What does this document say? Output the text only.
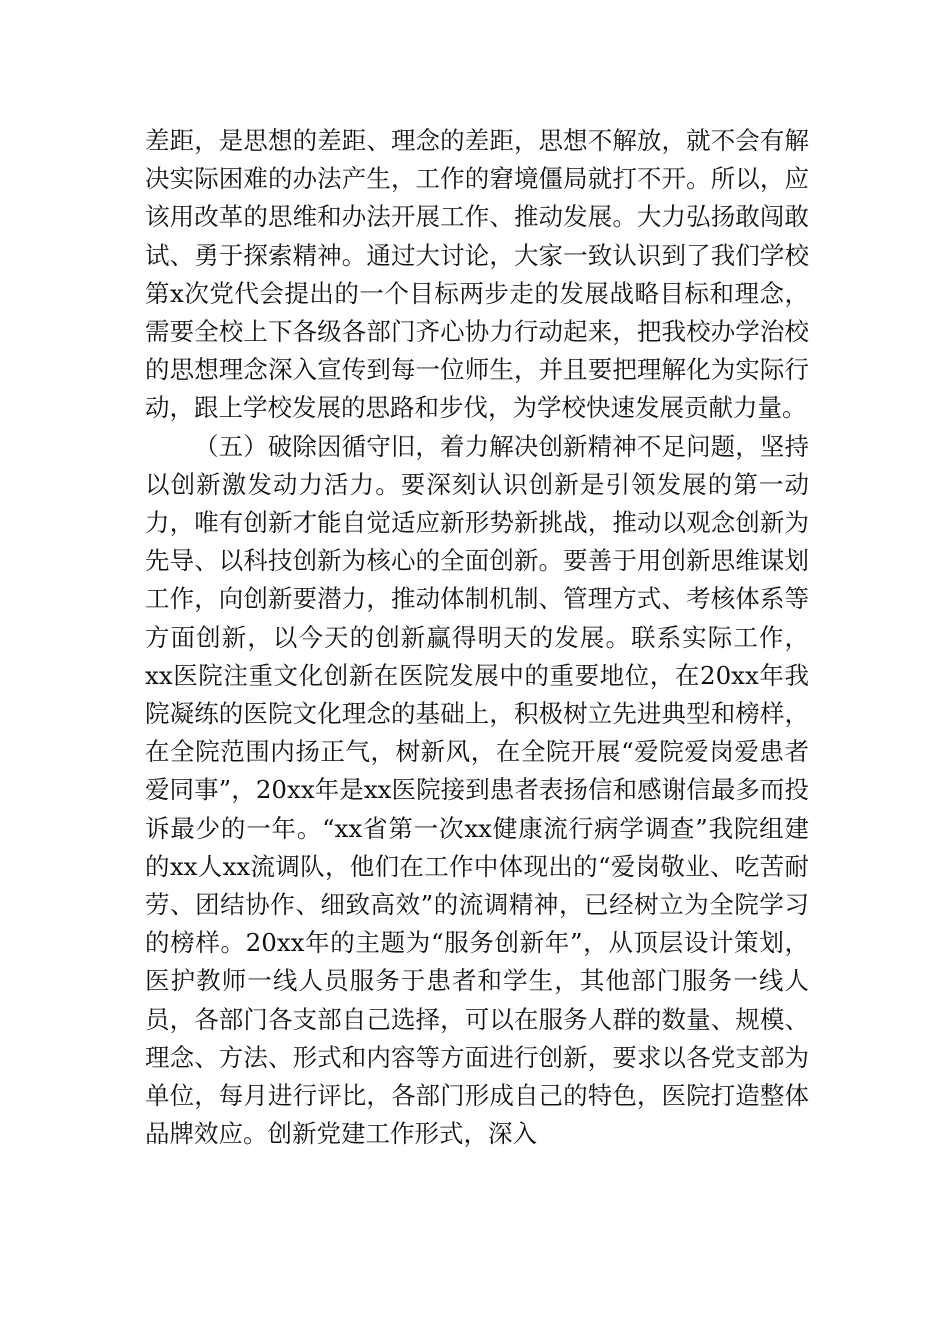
差距，是思想的差距、理念的差距，思想不解放，就不会有解决实际困难的办法产生，工作的窘境僵局就打不开。所以，应该用改革的思维和办法开展工作、推动发展。大力弘扬敢闯敢试、勇于探索精神。通过大讨论，大家一致认识到了我们学校第x次党代会提出的一个目标两步走的发展战略目标和理念，需要全校上下各级各部门齐心协力行动起来，把我校办学治校的思想理念深入宣传到每一位师生，并且要把理解化为实际行动，跟上学校发展的思路和步伐，为学校快速发展贡献力量。

（五）破除因循守旧，着力解决创新精神不足问题，坚持以创新激发动力活力。要深刻认识创新是引领发展的第一动力，唯有创新才能自觉适应新形势新挑战，推动以观念创新为先导、以科技创新为核心的全面创新。要善于用创新思维谋划工作，向创新要潜力，推动体制机制、管理方式、考核体系等方面创新，以今天的创新赢得明天的发展。联系实际工作，xx医院注重文化创新在医院发展中的重要地位，在20xx年我院凝练的医院文化理念的基础上，积极树立先进典型和榜样，在全院范围内扬正气，树新风，在全院开展“爱院爱岗爱患者爱同事”，20xx年是xx医院接到患者表扬信和感谢信最多而投诉最少的一年。“xx省第一次xx健康流行病学调查”我院组建的xx人xx流调队，他们在工作中体现出的“爱岗敬业、吃苦耐劳、团结协作、细致高效”的流调精神，已经树立为全院学习的榜样。20xx年的主题为“服务创新年”，从顶层设计策划，医护教师一线人员服务于患者和学生，其他部门服务一线人员，各部门各支部自己选择，可以在服务人群的数量、规模、理念、方法、形式和内容等方面进行创新，要求以各党支部为单位，每月进行评比，各部门形成自己的特色，医院打造整体品牌效应。创新党建工作形式，深入
